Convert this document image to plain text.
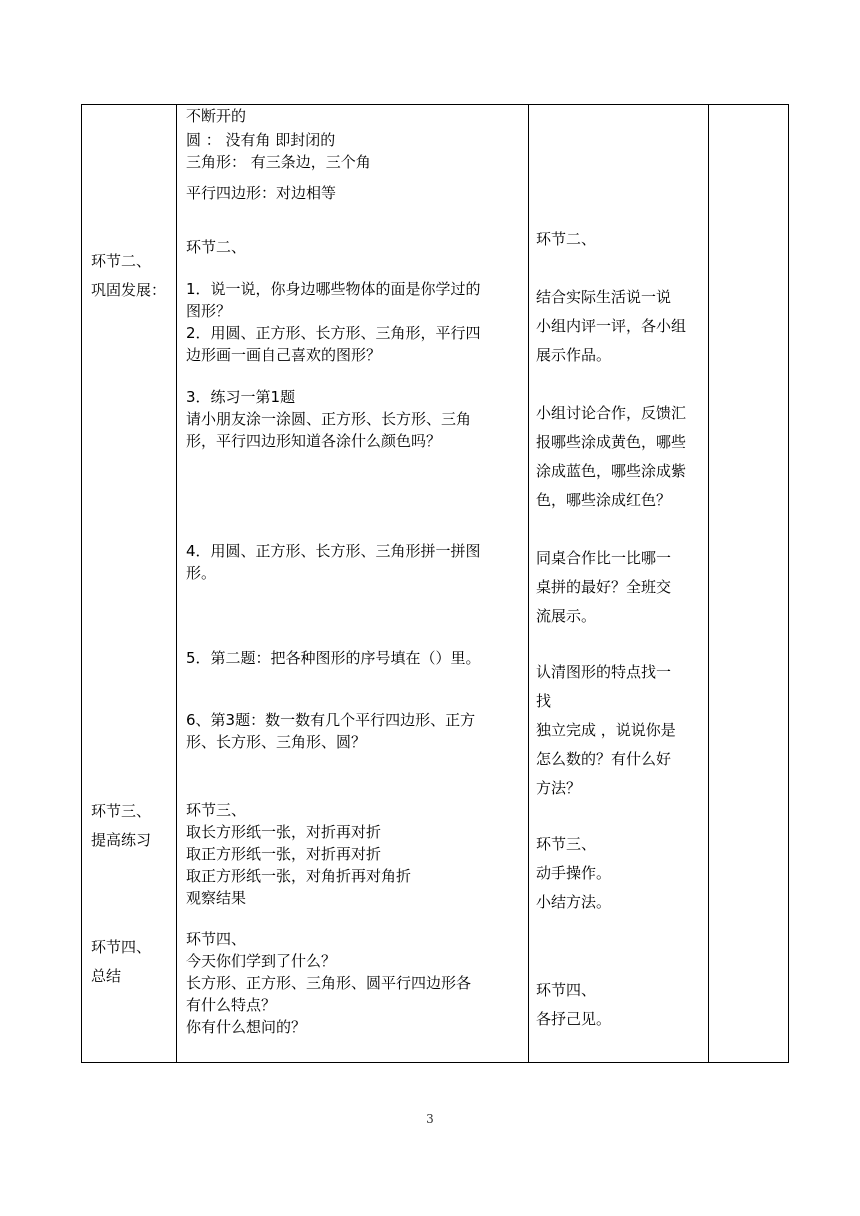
环节二、
巩固发展：
环节三、
提高练习
环节四、
总结
不断开的
圆 ： 没有角 即封闭的
三角形： 有三条边，三个角
平行四边形：对边相等
环节二、
1．说一说，你身边哪些物体的面是你学过的
图形？
2．用圆、正方形、长方形、三角形，平行四
边形画一画自己喜欢的图形？
3．练习一第1题
请小朋友涂一涂圆、正方形、长方形、三角
形，平行四边形知道各涂什么颜色吗？
4．用圆、正方形、长方形、三角形拼一拼图
形。
5．第二题：把各种图形的序号填在（）里。
6、第3题：数一数有几个平行四边形、正方
形、长方形、三角形、圆？
环节三、
取长方形纸一张，对折再对折
取正方形纸一张，对折再对折
取正方形纸一张，对角折再对角折
观察结果
环节四、
今天你们学到了什么？
长方形、正方形、三角形、圆平行四边形各
有什么特点？
你有什么想问的？
环节二、
结合实际生活说一说
小组内评一评，各小组
展示作品。
小组讨论合作，反馈汇
报哪些涂成黄色，哪些
涂成蓝色，哪些涂成紫
色，哪些涂成红色？
同桌合作比一比哪一
桌拼的最好？全班交
流展示。
认清图形的特点找一
找
独立完成 ，说说你是
怎么数的？有什么好
方法？
环节三、
动手操作。
小结方法。
环节四、
各抒己见。
3
